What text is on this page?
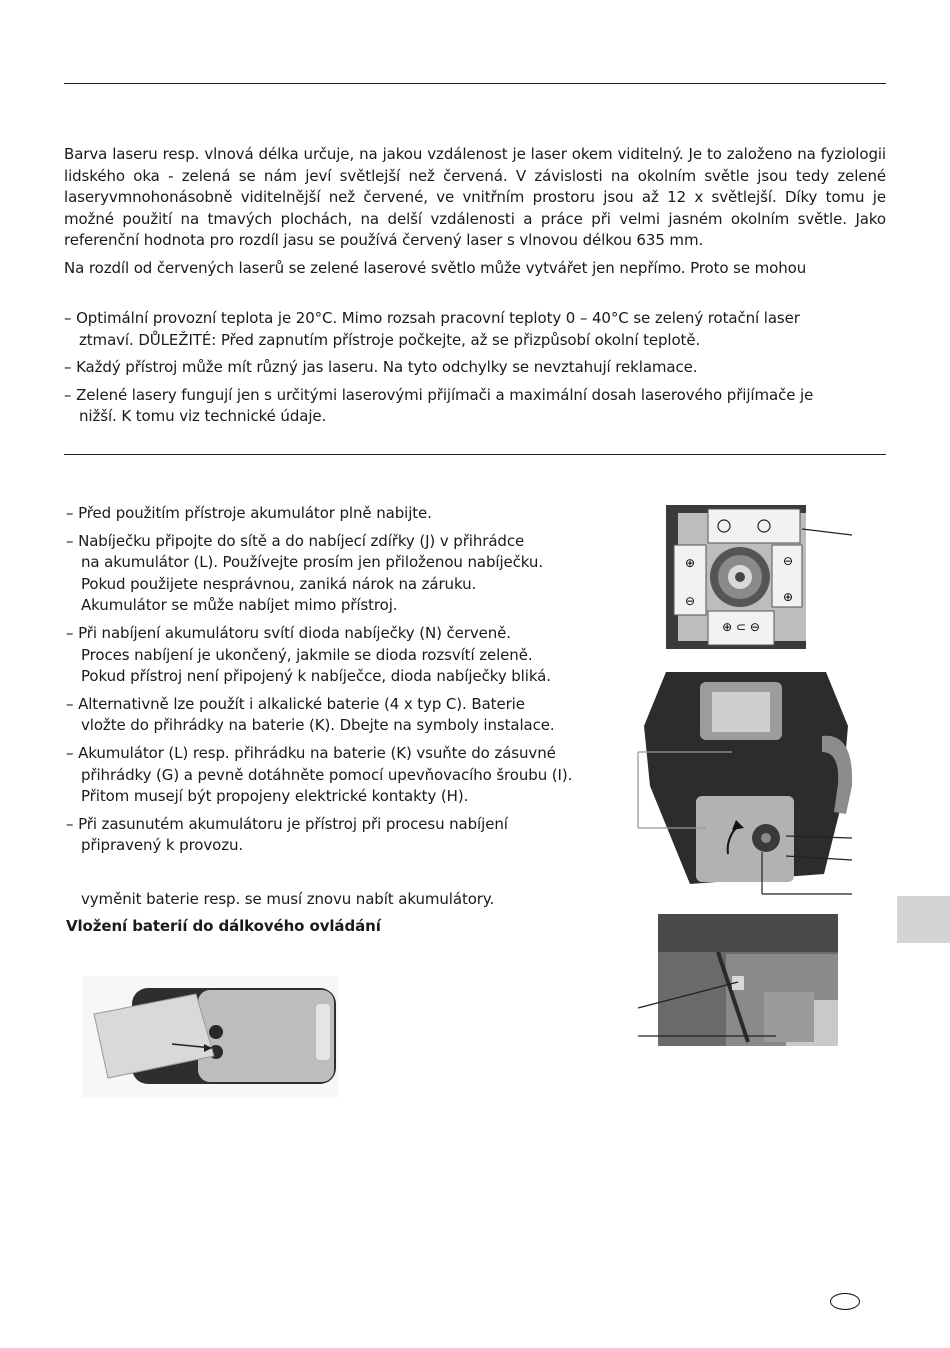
Barva laseru resp. vlnová délka určuje, na jakou vzdálenost je laser okem viditelný. Je to založeno na fyziologii lidského oka - zelená se nám jeví světlejší než červená. V závislosti na okolním světle jsou tedy zelené laseryvmnohonásobně viditelnější než červené, ve vnitřním prostoru jsou až 12 x světlejší. Díky tomu je možné použití na tmavých plochách, na delší vzdálenosti a práce při velmi jasném okolním světle. Jako referenční hodnota pro rozdíl jasu se používá červený laser s vlnovou délkou 635 mm.

Na rozdíl od červených laserů se zelené laserové světlo může vytvářet jen nepřímo. Proto se mohou

– Optimální provozní teplota je 20°C. Mimo rozsah pracovní teploty 0 – 40°C se zelený rotační laser ztmaví. DŮLEŽITÉ: Před zapnutím přístroje počkejte, až se přizpůsobí okolní teplotě.

– Každý přístroj může mít různý jas laseru. Na tyto odchylky se nevztahují reklamace.

– Zelené lasery fungují jen s určitými laserovými přijímači a maximální dosah laserového přijímače je nižší. K tomu viz technické údaje.

– Před použitím přístroje akumulátor plně nabijte.
– Nabíječku připojte do sítě a do nabíjecí zdířky (J) v přihrádce
na akumulátor (L). Používejte prosím jen přiloženou nabíječku.
Pokud použijete nesprávnou, zaniká nárok na záruku.
Akumulátor se může nabíjet mimo přístroj.
– Při nabíjení akumulátoru svítí dioda nabíječky (N) červeně.
Proces nabíjení je ukončený, jakmile se dioda rozsvítí zeleně.
Pokud přístroj není připojený k nabíječce, dioda nabíječky bliká.
– Alternativně lze použít i alkalické baterie (4 x typ C). Baterie
vložte do přihrádky na baterie (K). Dbejte na symboly instalace.
– Akumulátor (L) resp. přihrádku na baterie (K) vsuňte do zásuvné
přihrádky (G) a pevně dotáhněte pomocí upevňovacího šroubu (I).
Přitom musejí být propojeny elektrické kontakty (H).
– Při zasunutém akumulátoru je přístroj při procesu nabíjení
připravený k provozu.
vyměnit baterie resp. se musí znovu nabít akumulátory.
Vložení baterií do dálkového ovládání
⊕
⊖
⊖
⊕
⊕ ⊂ ⊖
